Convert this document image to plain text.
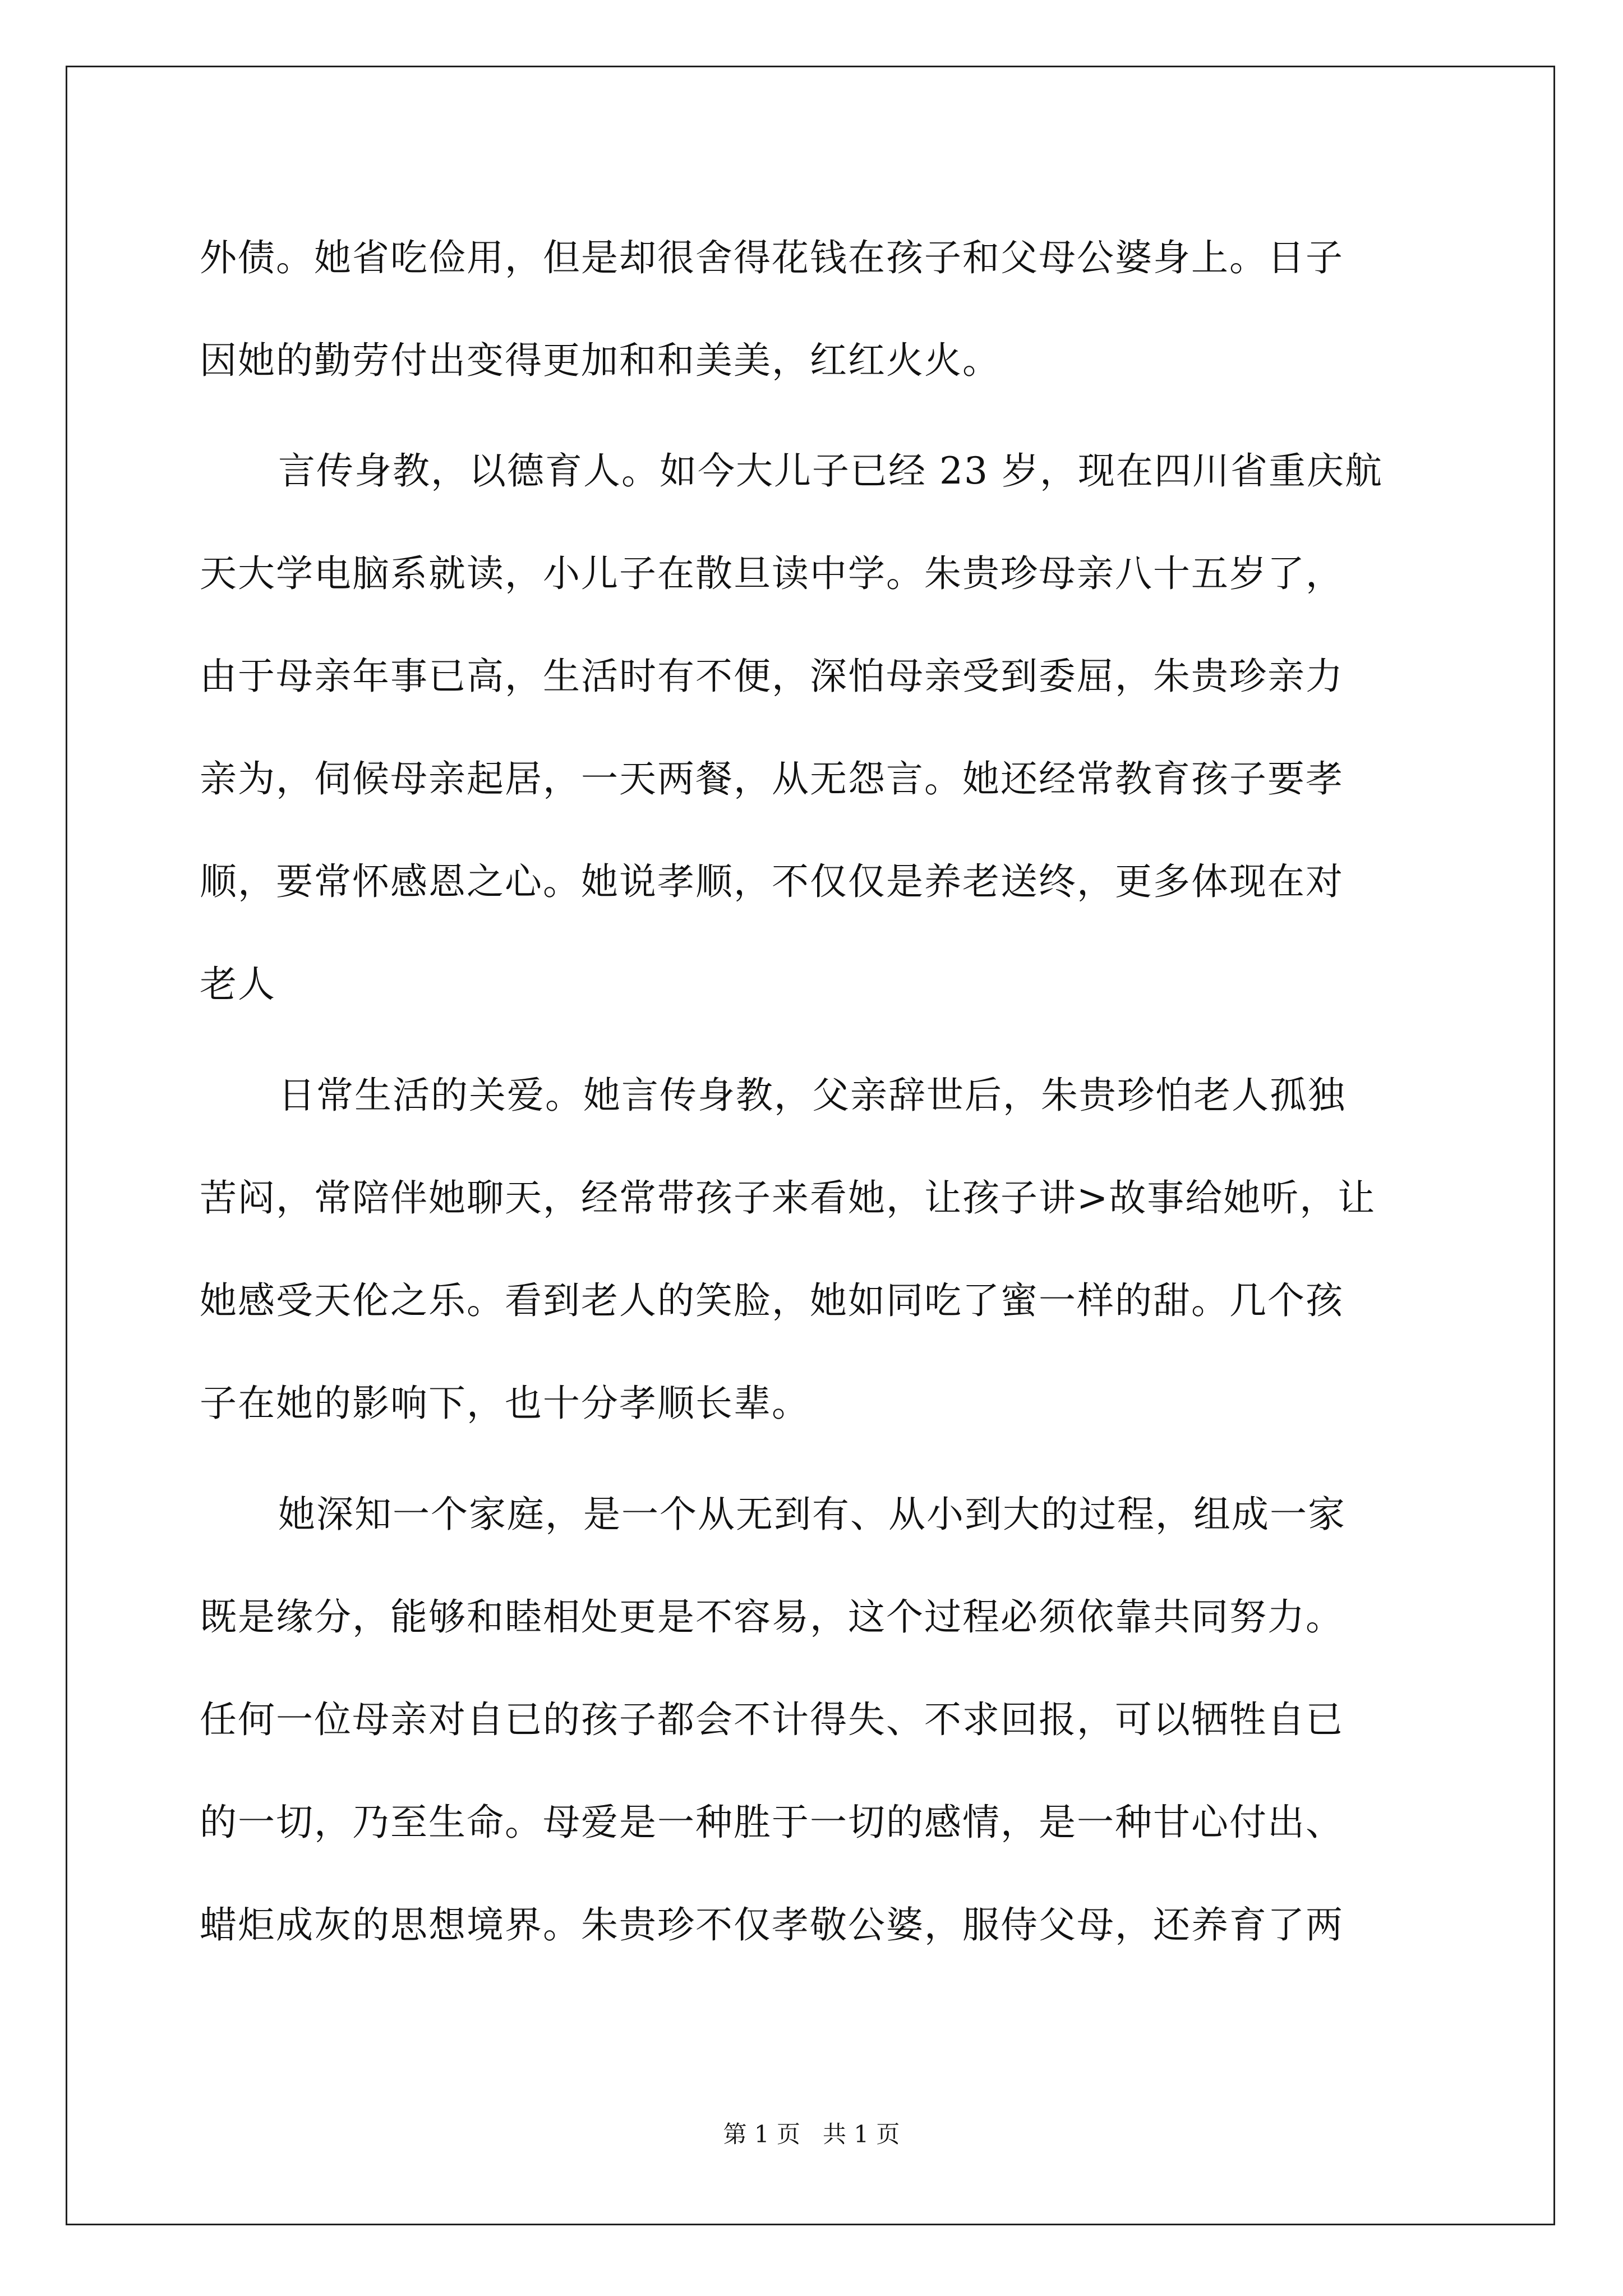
外债。她省吃俭用，但是却很舍得花钱在孩子和父母公婆身上。日子
因她的勤劳付出变得更加和和美美，红红火火。
言传身教，以德育人。如今大儿子已经 23 岁，现在四川省重庆航
天大学电脑系就读，小儿子在散旦读中学。朱贵珍母亲八十五岁了，
由于母亲年事已高，生活时有不便，深怕母亲受到委屈，朱贵珍亲力
亲为，伺候母亲起居，一天两餐，从无怨言。她还经常教育孩子要孝
顺，要常怀感恩之心。她说孝顺，不仅仅是养老送终，更多体现在对
老人
日常生活的关爱。她言传身教，父亲辞世后，朱贵珍怕老人孤独
苦闷，常陪伴她聊天，经常带孩子来看她，让孩子讲>故事给她听，让
她感受天伦之乐。看到老人的笑脸，她如同吃了蜜一样的甜。几个孩
子在她的影响下，也十分孝顺长辈。
她深知一个家庭，是一个从无到有、从小到大的过程，组成一家
既是缘分，能够和睦相处更是不容易，这个过程必须依靠共同努力。
任何一位母亲对自已的孩子都会不计得失、不求回报，可以牺牲自已
的一切，乃至生命。母爱是一种胜于一切的感情，是一种甘心付出、
蜡炬成灰的思想境界。朱贵珍不仅孝敬公婆，服侍父母，还养育了两
第 1 页 共 1 页
